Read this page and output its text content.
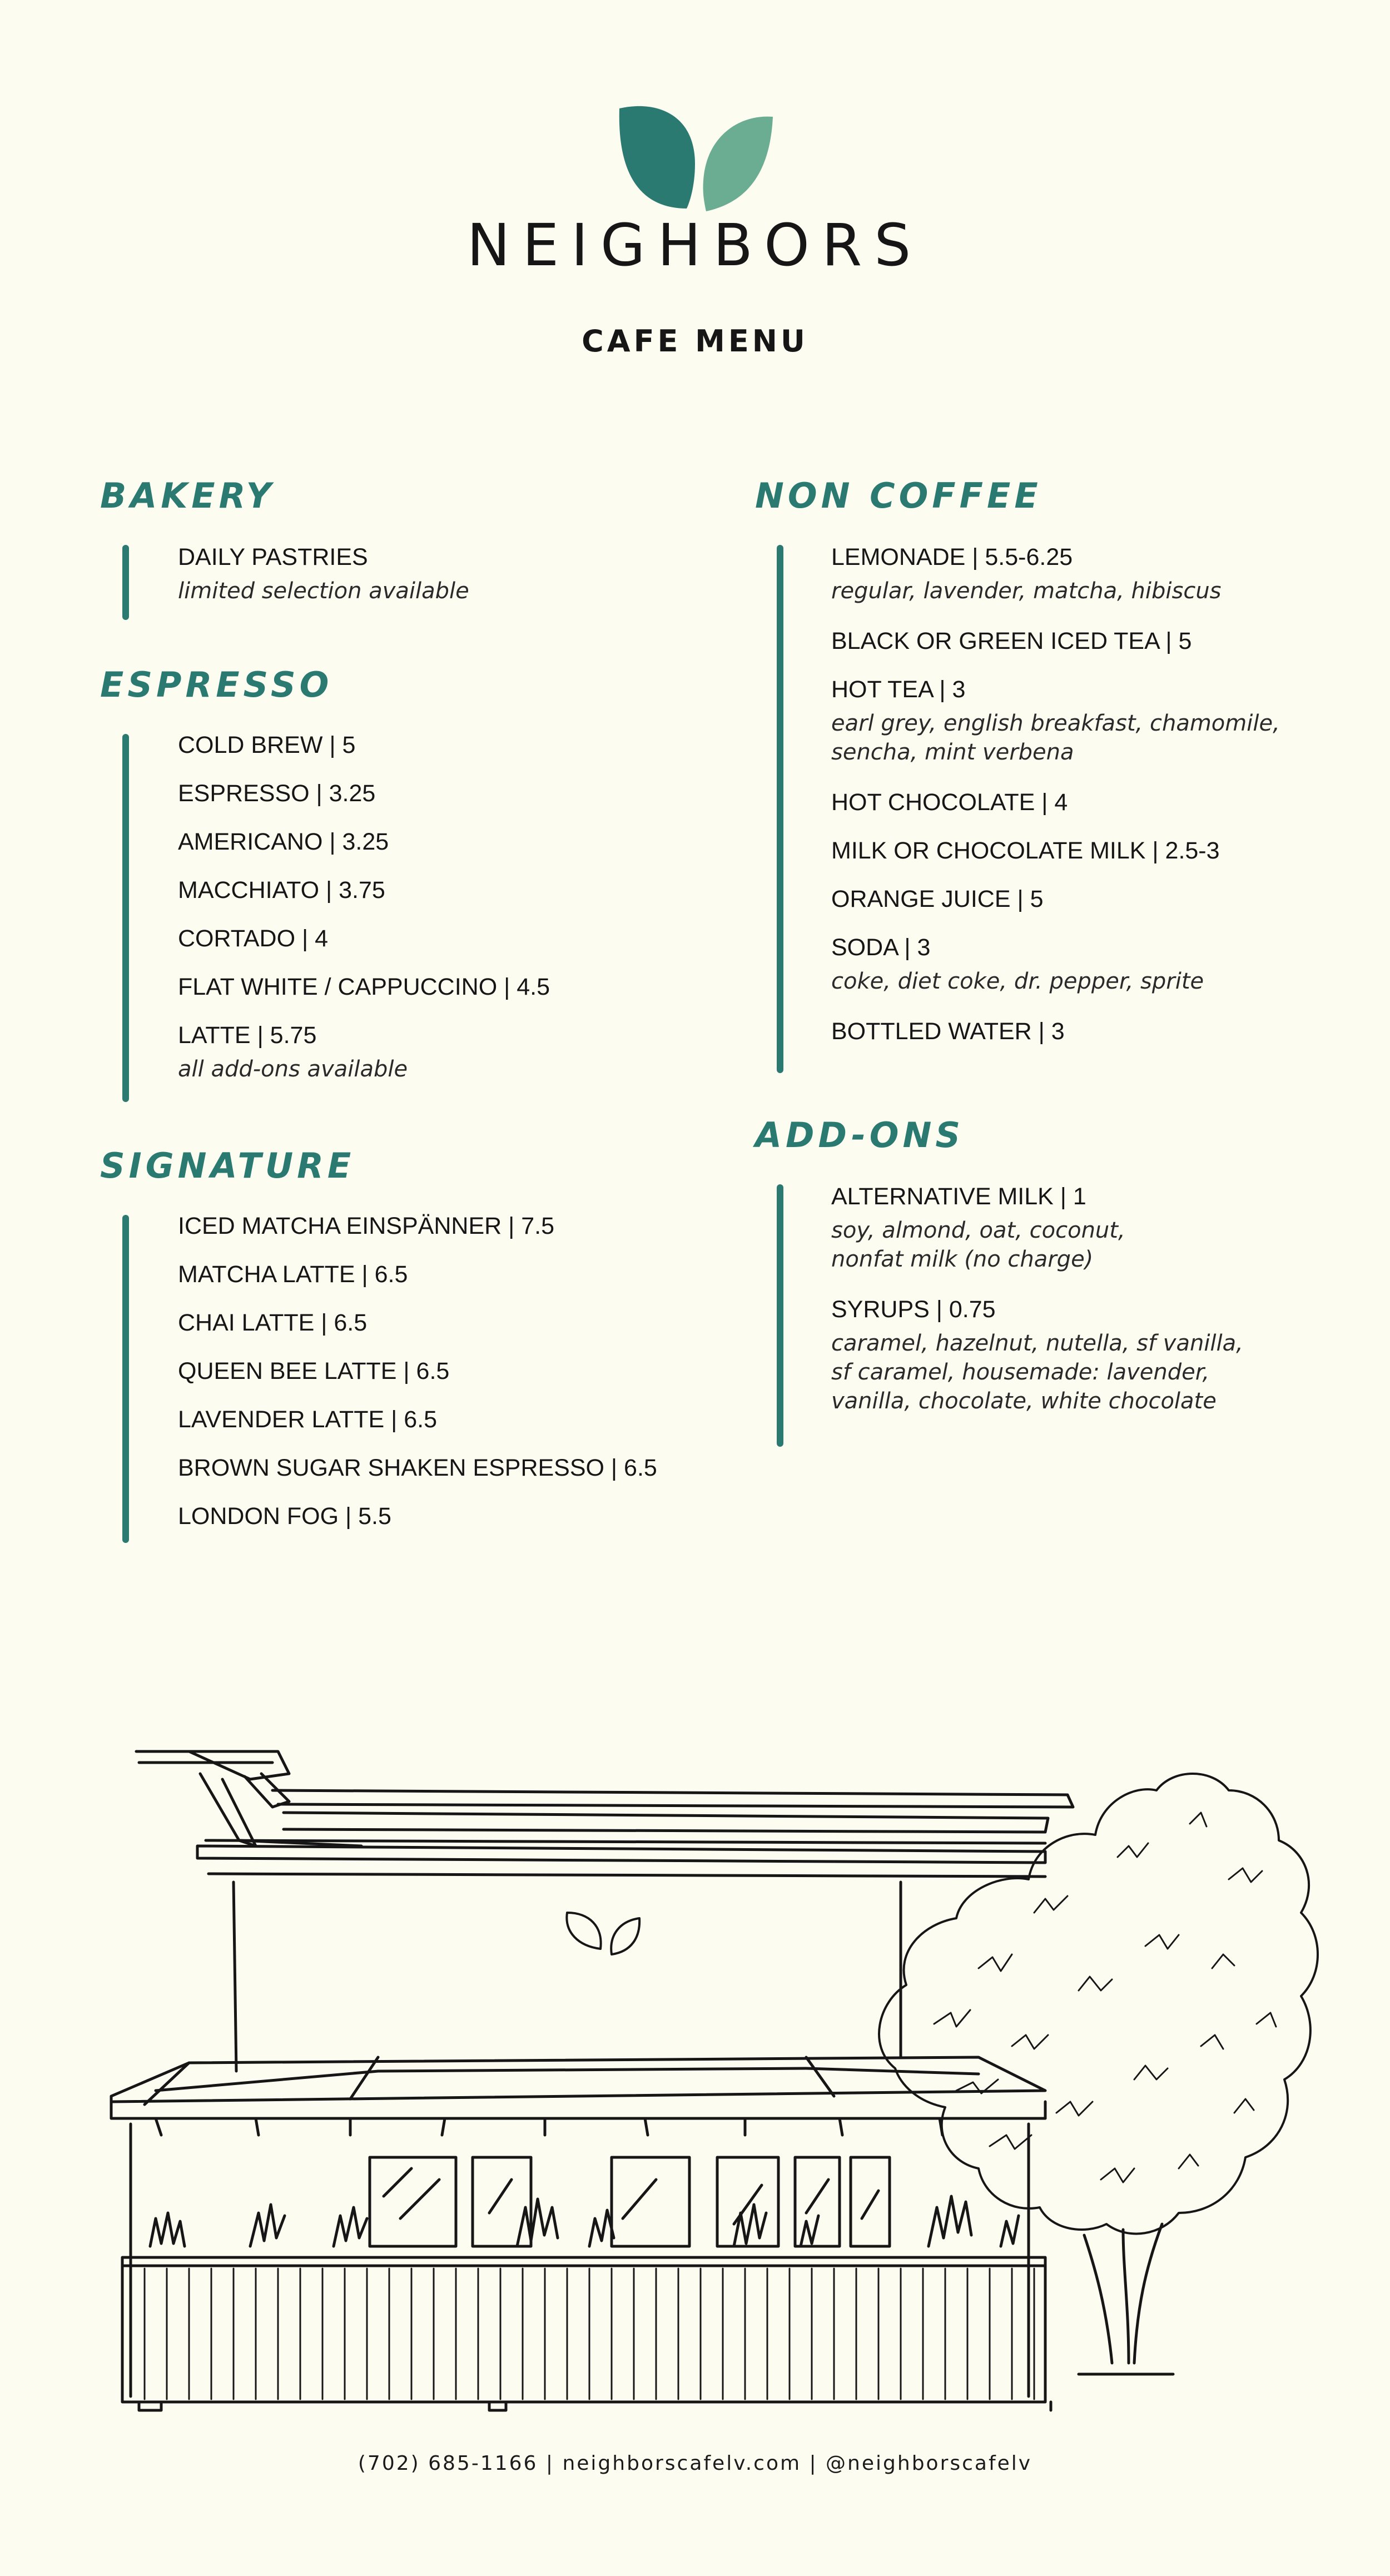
NEIGHBORS
CAFE MENU
BAKERY
DAILY PASTRIES
limited selection available
ESPRESSO
COLD BREW | 5
ESPRESSO | 3.25
AMERICANO | 3.25
MACCHIATO | 3.75
CORTADO | 4
FLAT WHITE / CAPPUCCINO | 4.5
LATTE | 5.75
all add-ons available
SIGNATURE
ICED MATCHA EINSPÄNNER | 7.5
MATCHA LATTE | 6.5
CHAI LATTE | 6.5
QUEEN BEE LATTE | 6.5
LAVENDER LATTE | 6.5
BROWN SUGAR SHAKEN ESPRESSO | 6.5
LONDON FOG | 5.5
NON COFFEE
LEMONADE | 5.5-6.25
regular, lavender, matcha, hibiscus
BLACK OR GREEN ICED TEA | 5
HOT TEA | 3
earl grey, english breakfast, chamomile,
sencha, mint verbena
HOT CHOCOLATE | 4
MILK OR CHOCOLATE MILK | 2.5-3
ORANGE JUICE | 5
SODA | 3
coke, diet coke, dr. pepper, sprite
BOTTLED WATER | 3
ADD-ONS
ALTERNATIVE MILK | 1
soy, almond, oat, coconut,
nonfat milk (no charge)
SYRUPS | 0.75
caramel, hazelnut, nutella, sf vanilla,
sf caramel, housemade: lavender,
vanilla, chocolate, white chocolate
(702) 685-1166 | neighborscafelv.com | @neighborscafelv
